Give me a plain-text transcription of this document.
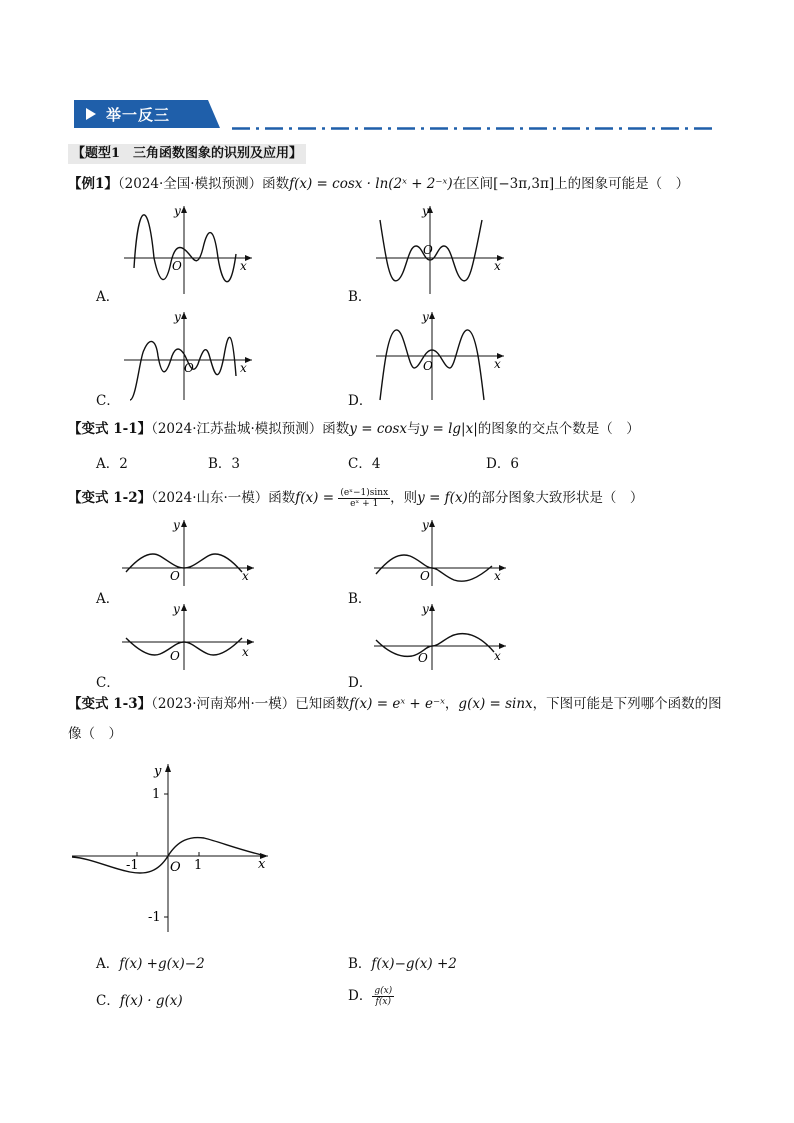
举一反三
【题型1　三角函数图象的识别及应用】
【例1】（2024·全国·模拟预测）函数f(x) = cosx · ln(2ˣ + 2⁻ˣ)在区间[−3π,3π]上的图象可能是（　）
A．	B．
C．	D．
x
y
O	x
y
O
x
y
O	x
y
O
【变式 1-1】（2024·江苏盐城·模拟预测）函数y = cosx与y = lg|x|的图象的交点个数是（　）
A．2	B．3	C．4	D．6
【变式 1-2】（2024·山东·一模）函数$f(x) = \frac{\text{(eˣ−1)sinx}}{\text{eˣ + 1}}$ ，则y = f(x)的部分图象大致形状是（　）
A．	B．
C．	D．
x
y
O	x
y
O
x
y
O	x
y
O
【变式 1-3】（2023·河南郑州·一模）已知函数f(x) = eˣ + e⁻ˣ，g(x) = sinx，下图可能是下列哪个函数的图
像（　）
x
y
O
1
-1
1
-1
A．f(x) +g(x)−2	B．f(x)−g(x) +2
C．f(x) · g(x)	D． $\frac{g(x)}{f(x)}$
